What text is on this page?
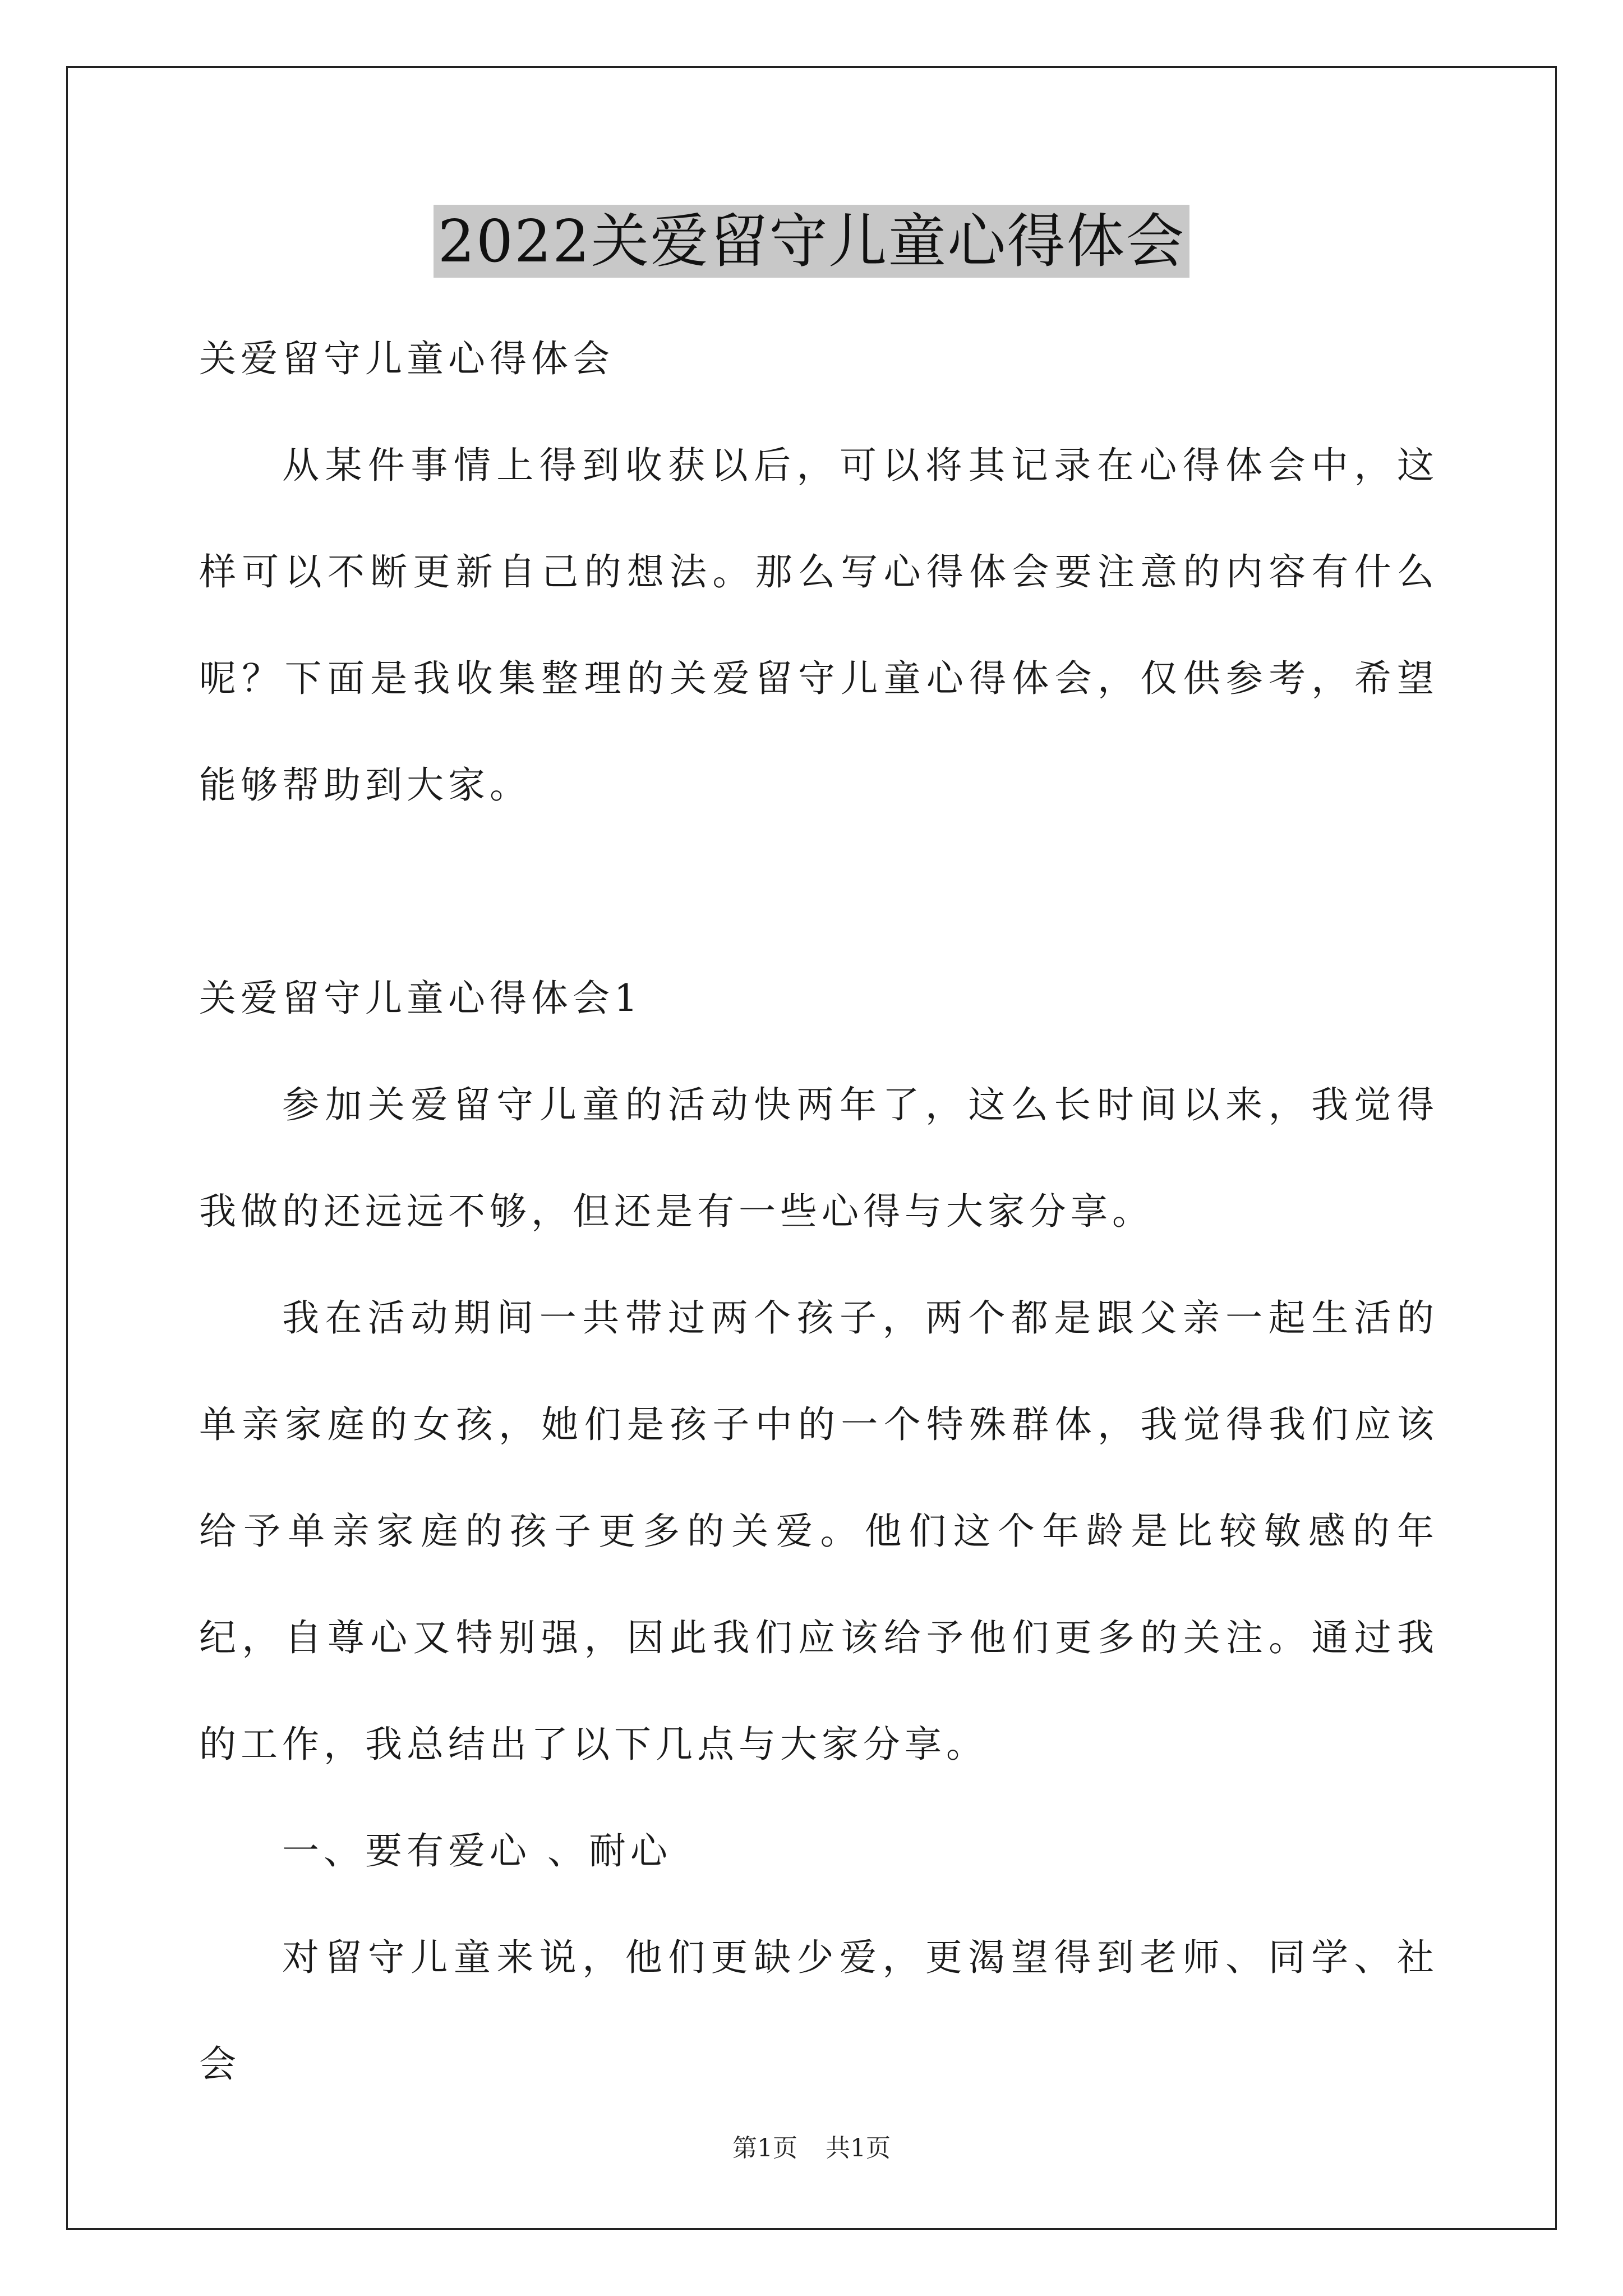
2022关爱留守儿童心得体会

关爱留守儿童心得体会

从某件事情上得到收获以后，可以将其记录在心得体会中，这样可以不断更新自己的想法。那么写心得体会要注意的内容有什么呢？下面是我收集整理的关爱留守儿童心得体会，仅供参考，希望能够帮助到大家。

关爱留守儿童心得体会1

参加关爱留守儿童的活动快两年了，这么长时间以来，我觉得我做的还远远不够，但还是有一些心得与大家分享。

我在活动期间一共带过两个孩子，两个都是跟父亲一起生活的单亲家庭的女孩，她们是孩子中的一个特殊群体，我觉得我们应该给予单亲家庭的孩子更多的关爱。他们这个年龄是比较敏感的年纪，自尊心又特别强，因此我们应该给予他们更多的关注。通过我的工作，我总结出了以下几点与大家分享。

一、要有爱心 、耐心

对留守儿童来说，他们更缺少爱，更渴望得到老师、同学、社会

第1页 共1页
